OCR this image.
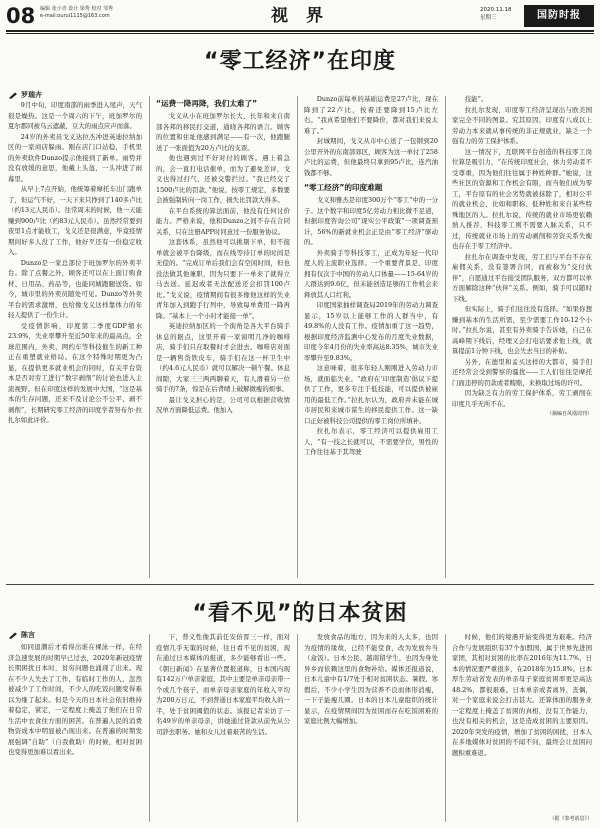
08 编辑 张小青 设计 梁秀 校对 邹秀
e-mail:ourui1115@163.com	视 界	2020.11.18
星期三	国防时报
“零工经济”在印度
罗瑞卉

9月中旬，印度南部的雨季进入尾声，天气很是燥热。这是一个周六的下午，班加罗尔的夏尔郡同被乌云遮蔽，豆大的雨点应声而落。

24岁的外卖员戈义达拉杰冲进英迪拉纳加区的一家商店躲雨。刚在店门口站稳，手机里的外卖软件Dunzo提示他接到了新单。雨势并没有放缓的意思，他戴上头盔，一头冲进了雨幕里。

从早上7点开始，他统筹着摩托车出门跑单了，但运气不好，一天下来只挣到了140多卢比（约13元人民币）。往常周末的时候，他一天能赚到900卢比（约83元人民币）。虽然经常要到夜里1点才能收工，戈义还是很满意，毕竟疫情期间好多人没了工作，他好歹还有一份稳定收入。

Dunzo是一家总部位于班加罗尔的外卖平台。除了点餐之外，顾客还可以在上面订购食材、日用品、药品等，也能同城跑腿送货。如今，城市里的外卖员随处可见。Dunzo等外卖平台的需求激增，也给像戈义这样靠体力的年轻人提供了一份生计。

受疫情影响，印度第二季度GDP缩水23.9%，失业率攀升至近50年来的最高点，全球范围内，外卖、网约车等科技催生的新工种正在重塑就业格局。在这个特殊时期更为凸显，在提供更多就业机会的同时，有关平台资本是否对劳工进行“数字剥削”的讨论也进入主流视野。但在印度这样的发展中大国，“这是基本的生存问题，还来不及讨论公不公平、剥不剥削”，长期研究零工经济的印度学者努布尔·拉扎尔如此评价。

“运费一降再降，我们太难了”

戈义从小在班加罗尔长大，长年和来自南部各邦的移民打交道，通晓各邦的语言。顾客的位置和住址他感到满足——有一次，他跑腿送了一张面值为20万卢比的支票。

他也遇到过不好对付的顾客。遇上着急的，会一直打电话催单，而为了避免差评，戈义也得过打气，还被交警拦过。“我已经交了1500卢比的罚款，”他说，按零工规定，多数要会被强制转向一岗工作，损失比罚款大得多。

在平台系统的算法面前，他没有任何讨价能力。严格来说，他和Dunzo之间不存在合同关系，只在注册APP时同意过一份服务协议。

这套体系，虽然他可以挑剔下单，但不接单就会被平台降级，而在线等待订单的时间是无偿的。“完成订单后我们会有空闲时间，但也没法做其他兼职，因为只要下一单来了就得立马去送。延迟或者无法配送还会扣罚100卢比。”戈义说，疫情期间有很多像他这样的失业青年加入到跑手行列中，导致每单费用一降再降。“基本上一个小时才能接一单”。

英迪拉纳加区的一个街角是各大平台骑手休息的据点，这里开着一家窗明几净的咖啡店，骑手们只在取餐时才会进去。咖啡店对面是一辆售货铁皮车，骑手们在这一杯卫生中（约4.6元人民币）就可以解决一顿午餐。休息间隙，大家三三两两聊着天，有人滑着另一位骑手的7条，惊是在后背晴上破解微瘦的烦事。

最让戈义担心的是，公司可以根据营收情况单方面降低运费。他加入

Dunzo前每单的基础运费是27卢比，现在降到了22卢比，按着还要降到15卢比左右。“我真希望他们不要降价，都对我们来说太难了。”

封城期间，戈义从市中心送了一包钢到20公里开外的东南部郊区，顾客为这一单付了258卢比的运费，但他最终只拿到95卢比，连汽油钱都不够。

“零工经济”的印度难题

戈义和雅杰是印度300万个“零工”中的一分子。这个数字和印度5亿劳动力相比微不足道，但据印度咨询公司“现实公平政策”一项调查预计，56%的新就业机会正是由“零工经济”驱动的。

外卖骑手等科技零工，正成为年轻一代印度人的主流职业选择。一个重要背景是，印度拥有仅次于中国的劳动人口体量——15-64岁的人群达到9.6亿，但未能创造足够的工作机会来释放其人口红利。

印度国家抽样调查局2019年的劳动力调查显示，15岁以上能够工作的人群当中，有49.8%的人没有工作。疫情加重了这一趋势，根据印度经济监测中心发布的月度失业数据，印度今年4月份的失业率高达8.35%，城市失业率攀升至9.83%。

这意味着，很多年轻人刚刚进入劳动力市场，就面临失业。“政府在‘印度制造’倡议下提供了工作，更多专注于低技能，可以提供被雇用的最低工作。”拉扎尔认为，政府并未能在城市居民和来城市谋生的移民提供工作。这一缺口正好被科技公司提供的零工岗位所填补。

拉扎尔表示，零工经济可以提供雇用工人，“有一技之长就可以，不需要学位，男性的工作往往基于其驾驶

技能”。

拉扎尔发现，印度零工经济呈现出与欧美国家完全不同的图景。究其原因，印度有八成以上劳动力本来就从事传统的非正规就业，缺乏一个强有力的劳工保护体系。

这一情况下，互联网平台创造的科技零工岗位算是吸引力，“在传统印度社会，体力劳动者不受尊重，因为他们往往属于种姓种群。”她说，这些社区的资源和工作机会有限，而当他们成为零工，平台原有的社会劣势就被抹除了，相对公平的就业机会，比如和职称、低种姓和来自某些特殊地区的人。拉扎尔说，传统的就业市场更依赖熟人推荐，科技零工则不需要人脉关系，只不过，传统就业市场上的劳动剥削和劳资关系失衡也存在于零工经济中。

拉扎尔在调查中发现，劳工们与平台不存在雇佣关系，没有签署合同，而被称为“交付伙伴”，自愿通过平台接受团队服务，双方都可以单方面解除这种“伙伴”关系。例如，骑手可以随时下线。

但实际上，骑手们往往没有选择。“如果你想赚到基本的生活所需，至少需要工作10-12个小时。”拉扎尔说，甚至有外卖骑手告诉她，自己在高峰期下线后，经理又会打电话要求他上线，就算提前1分钟下线，也会失去当日的补贴。

另外，在德里和孟买这样的大都市，骑手们还经常会受到警察的骚扰——工人们往往是摩托门面违停的罚款或者贿赂，来换取过场的许可。

因为缺乏有力的劳工保护体系，劳工剥削在印度几乎无所不在。

（摘编自凤凰周刊）

“看不见”的日本贫困
陈言

如同退潮后才看得出谁在裸泳一样，在经济急速发展的时期早已过去，2020年新冠疫情长期困扰日本时，贫穷问题也涌现了出来。现在不少人失去了工作，有临时工作的人，忽然被减少了工作时间，不少人的吃饭问题变得难以为继了起来。但是今天的日本社会依旧维持着稳定，紧定，一定程度上掩盖了他们在日常生活中衣食住方面的困苦。在普遍人民的消费物资成本中明显被凸现出来。在普遍的时期发展强调“自助”（自我救助）的时候，相对贫困也变得更加难以看出来。

下，普义性像其前任安倍晋三一样，面对疫情几乎无策的时候，往日看不见的贫困，现在通过日本媒体的报道，多少能够看出一些。《朝日新闻》在显著位置报道称，日本国内现有142万户单亲家庭，其中主要是单亲母亲带一个或几个孩子，而单亲母亲家庭的年收入平均为200万日元，不到普通日本家庭平均收入的一半，处于贫困阈值的状态。该报记者采访了一名49岁的单亲母亲，讲她通过贷款从前先从公司辞去职务。她和女儿过着艰苦的生活。

发放食品的地方，因为来的人太多，也因为疫情的缘故，已经不能堂食，改为发放弁当（盒饭）。日本公民、越南留学生，也因为身处异乡而依赖这里的食物补给。媒体还报道说，日本儿童中有1/7处于相对贫困状态。暑假、寒假后，不少小学生因为营养不良而体形消瘦，一下子能瘦几圈。日本的日本儿童组织的统计显示，在疫情期间因为贫困而存在吃饭困难的家庭比例大幅增加。

时候，他们的境遇开始变得更为艰难。经济合作与发展组织有37个加盟国，属于世界先进国家团，其相对贫困的比率在2016年为11.7%，日本的情况要严重很多，在2018年为15.8%。日本厚生劳动省发表的单亲母子家庭贫困率更是高达48.2%，都很艰难。日本单亲或者离异、丧偶，对一个家庭来说会打击甚大。还算体面的服务业一定程度上掩盖了贫困的真相，没有工作能力，也没有相关的机会，这是造成贫困的主要原因。2020年突发的疫情，增加了贫困的困扰，日本人在多地媒体对贫困的不闻不问，最终会让贫困问题积重难返。

（据《参考消息》）
